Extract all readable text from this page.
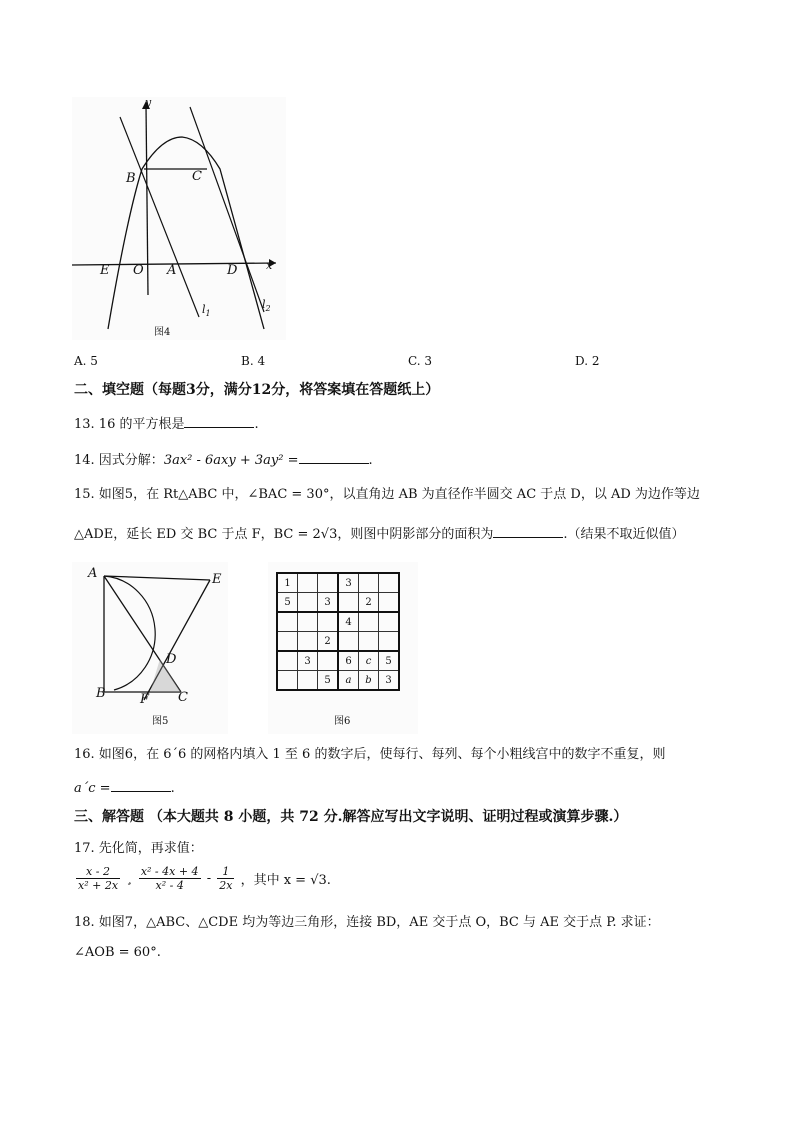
y
x
B	C
E O A	D
$l_1$
$l_2$
图4
A. 5	B. 4	C. 3	D. 2
二、填空题（每题3分，满分12分，将答案填在答题纸上）
13. 16 的平方根是	.
14. 因式分解：3ax² - 6axy + 3ay² =	.
15. 如图5，在 Rt△ABC 中，∠BAC = 30°，以直角边 AB 为直径作半圆交 AC 于点 D，以 AD 为边作等边
△ADE，延长 ED 交 BC 于点 F，BC = 2√3，则图中阴影部分的面积为	.（结果不取近似值）
A	E
D
B	F C
图5
1			3		
5		3		2	
			4		
		2			
	3		6	c	5
		5	a	b	3
图6
16. 如图6，在 6´6 的网格内填入 1 至 6 的数字后，使每行、每列、每个小粗线宫中的数字不重复，则
a´c =	.
三、解答题 （本大题共 8 小题，共 72 分.解答应写出文字说明、证明过程或演算步骤.）
17. 先化简，再求值：
$\frac{x - 2}{\text{x² + 2x}}$ ¸ $\frac{\text{x² - 4x + 4}}{\text{x² - 4}} - \frac{1}{2x}$ ，其中 x = √3.
18. 如图7，△ABC、△CDE 均为等边三角形，连接 BD，AE 交于点 O，BC 与 AE 交于点 P. 求证：
∠AOB = 60°.
